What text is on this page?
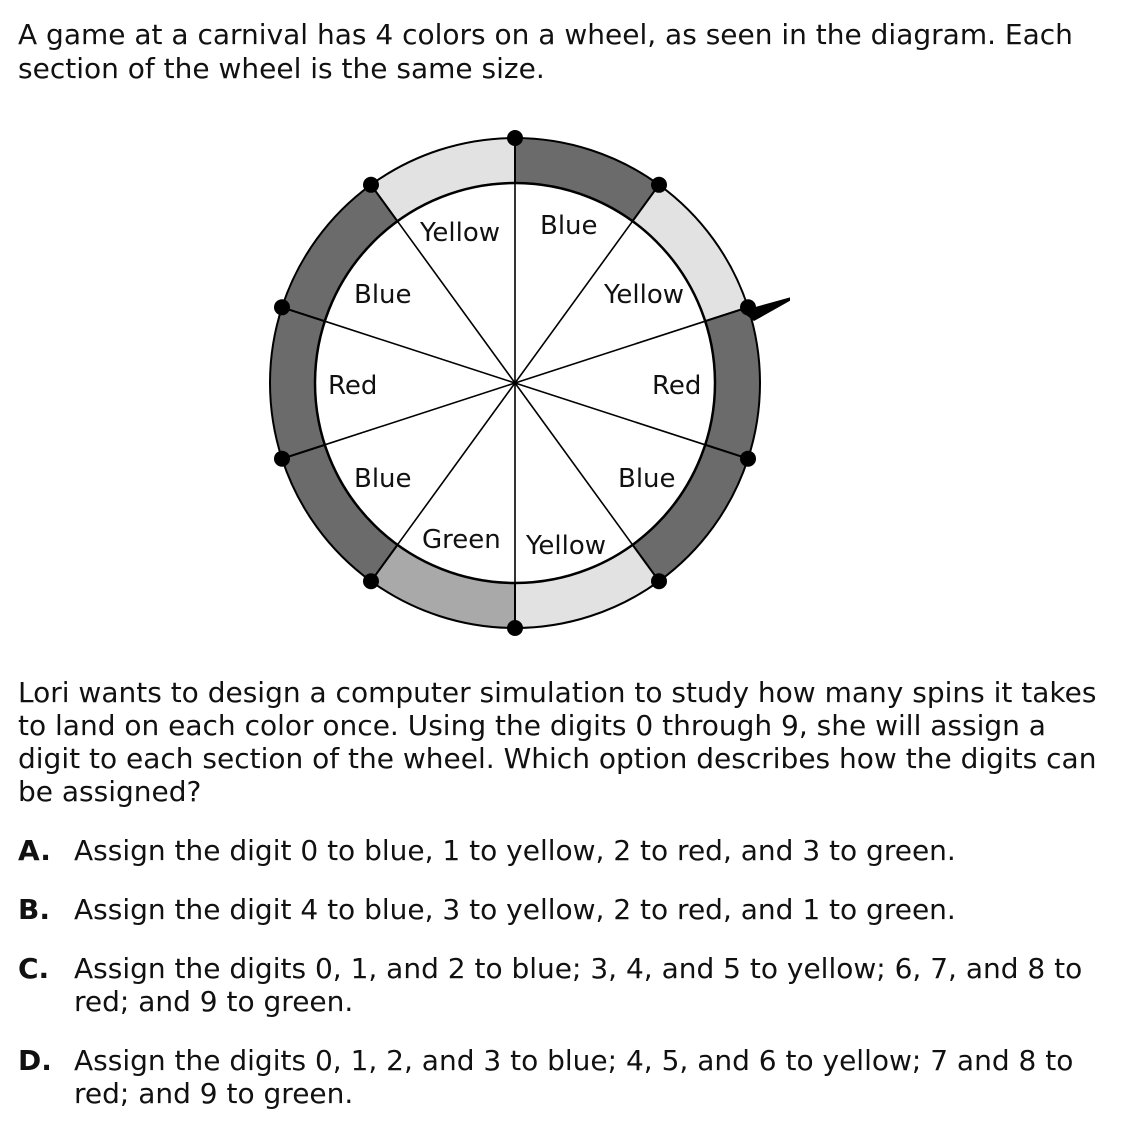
A game at a carnival has 4 colors on a wheel, as seen in the diagram. Each section of the wheel is the same size.

Yellow Blue
Blue	Yellow
Red	Red
Blue	Blue
Green Yellow

Lori wants to design a computer simulation to study how many spins it takes to land on each color once. Using the digits 0 through 9, she will assign a digit to each section of the wheel. Which option describes how the digits can be assigned?

A. Assign the digit 0 to blue, 1 to yellow, 2 to red, and 3 to green.
B. Assign the digit 4 to blue, 3 to yellow, 2 to red, and 1 to green.
C. Assign the digits 0, 1, and 2 to blue; 3, 4, and 5 to yellow; 6, 7, and 8 to red; and 9 to green.
D. Assign the digits 0, 1, 2, and 3 to blue; 4, 5, and 6 to yellow; 7 and 8 to red; and 9 to green.
